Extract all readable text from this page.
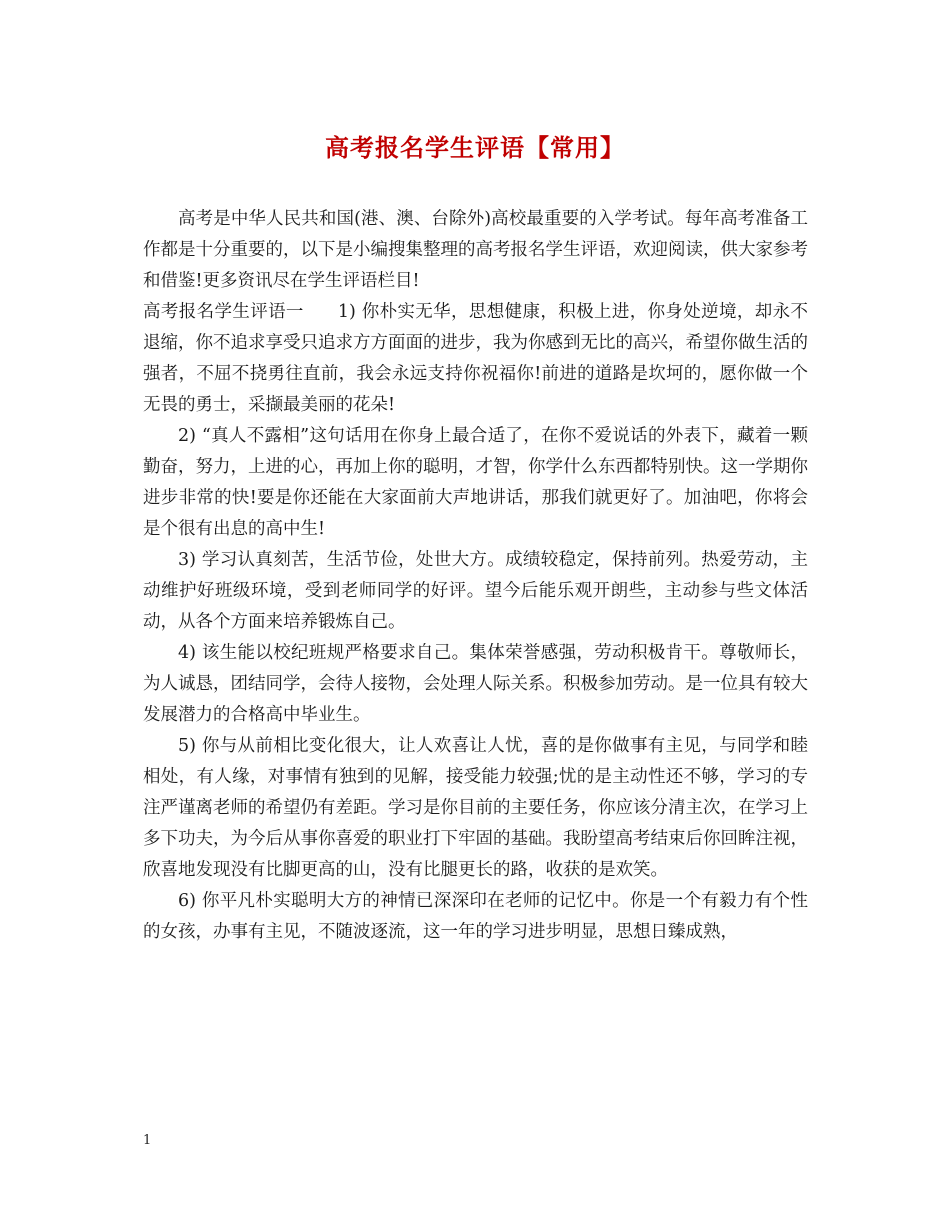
高考报名学生评语【常用】

高考是中华人民共和国(港、澳、台除外)高校最重要的入学考试。每年高考准备工作都是十分重要的，以下是小编搜集整理的高考报名学生评语，欢迎阅读，供大家参考和借鉴!更多资讯尽在学生评语栏目!

高考报名学生评语一 1) 你朴实无华，思想健康，积极上进，你身处逆境，却永不退缩，你不追求享受只追求方方面面的进步，我为你感到无比的高兴，希望你做生活的强者，不屈不挠勇往直前，我会永远支持你祝福你!前进的道路是坎坷的，愿你做一个无畏的勇士，采撷最美丽的花朵!

2) “真人不露相”这句话用在你身上最合适了，在你不爱说话的外表下，藏着一颗勤奋，努力，上进的心，再加上你的聪明，才智，你学什么东西都特别快。这一学期你进步非常的快!要是你还能在大家面前大声地讲话，那我们就更好了。加油吧，你将会是个很有出息的高中生!

3) 学习认真刻苦，生活节俭，处世大方。成绩较稳定，保持前列。热爱劳动，主动维护好班级环境，受到老师同学的好评。望今后能乐观开朗些，主动参与些文体活动，从各个方面来培养锻炼自己。

4) 该生能以校纪班规严格要求自己。集体荣誉感强，劳动积极肯干。尊敬师长，为人诚恳，团结同学，会待人接物，会处理人际关系。积极参加劳动。是一位具有较大发展潜力的合格高中毕业生。

5) 你与从前相比变化很大，让人欢喜让人忧，喜的是你做事有主见，与同学和睦相处，有人缘，对事情有独到的见解，接受能力较强;忧的是主动性还不够，学习的专注严谨离老师的希望仍有差距。学习是你目前的主要任务，你应该分清主次，在学习上多下功夫，为今后从事你喜爱的职业打下牢固的基础。我盼望高考结束后你回眸注视，欣喜地发现没有比脚更高的山，没有比腿更长的路，收获的是欢笑。

6) 你平凡朴实聪明大方的神情已深深印在老师的记忆中。你是一个有毅力有个性的女孩，办事有主见，不随波逐流，这一年的学习进步明显，思想日臻成熟，

1
